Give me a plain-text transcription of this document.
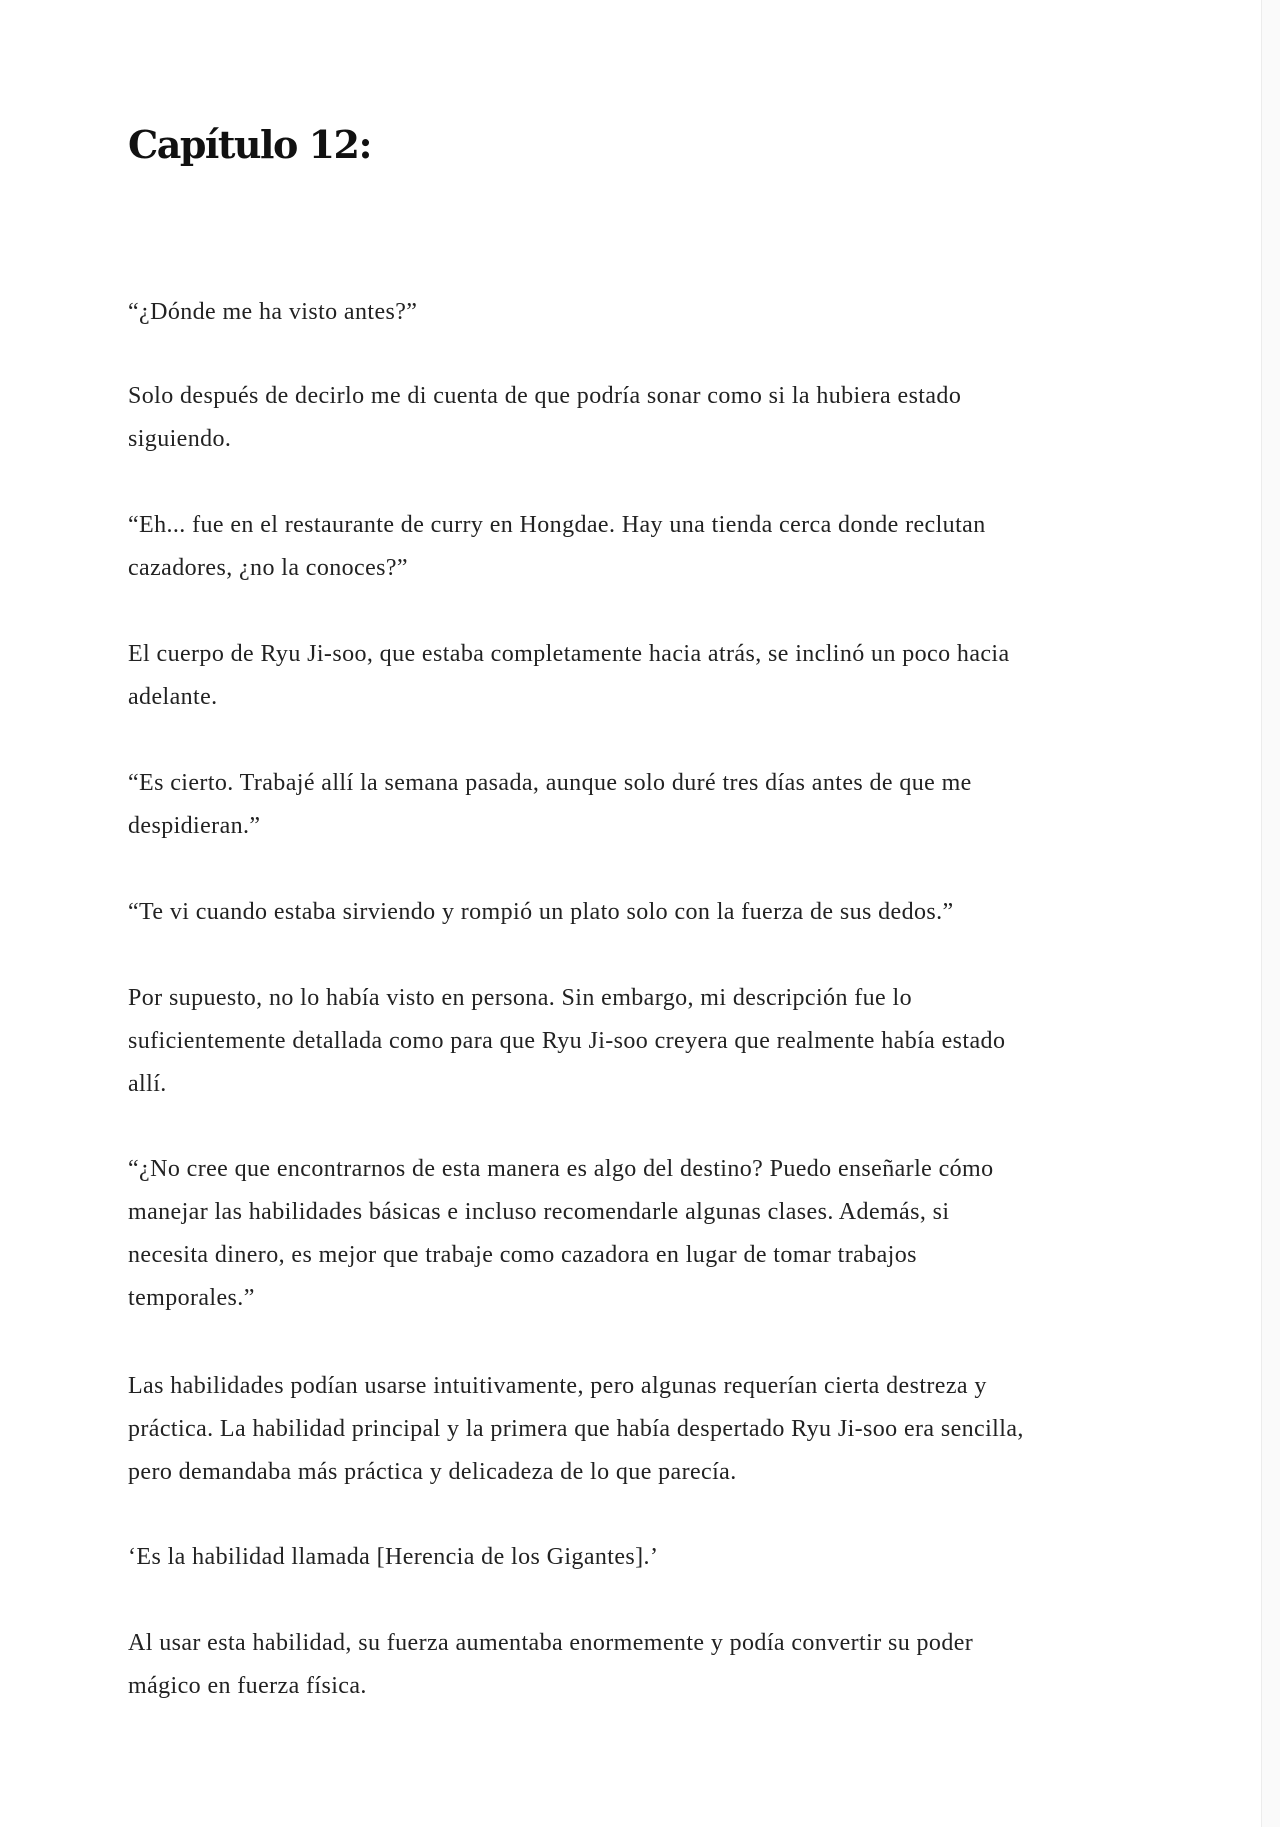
Capítulo 12:

“¿Dónde me ha visto antes?”

Solo después de decirlo me di cuenta de que podría sonar como si la hubiera estado
siguiendo.

“Eh... fue en el restaurante de curry en Hongdae. Hay una tienda cerca donde reclutan
cazadores, ¿no la conoces?”

El cuerpo de Ryu Ji-soo, que estaba completamente hacia atrás, se inclinó un poco hacia
adelante.

“Es cierto. Trabajé allí la semana pasada, aunque solo duré tres días antes de que me
despidieran.”

“Te vi cuando estaba sirviendo y rompió un plato solo con la fuerza de sus dedos.”

Por supuesto, no lo había visto en persona. Sin embargo, mi descripción fue lo
suficientemente detallada como para que Ryu Ji-soo creyera que realmente había estado
allí.

“¿No cree que encontrarnos de esta manera es algo del destino? Puedo enseñarle cómo
manejar las habilidades básicas e incluso recomendarle algunas clases. Además, si
necesita dinero, es mejor que trabaje como cazadora en lugar de tomar trabajos
temporales.”

Las habilidades podían usarse intuitivamente, pero algunas requerían cierta destreza y
práctica. La habilidad principal y la primera que había despertado Ryu Ji-soo era sencilla,
pero demandaba más práctica y delicadeza de lo que parecía.

‘Es la habilidad llamada [Herencia de los Gigantes].’

Al usar esta habilidad, su fuerza aumentaba enormemente y podía convertir su poder
mágico en fuerza física.
